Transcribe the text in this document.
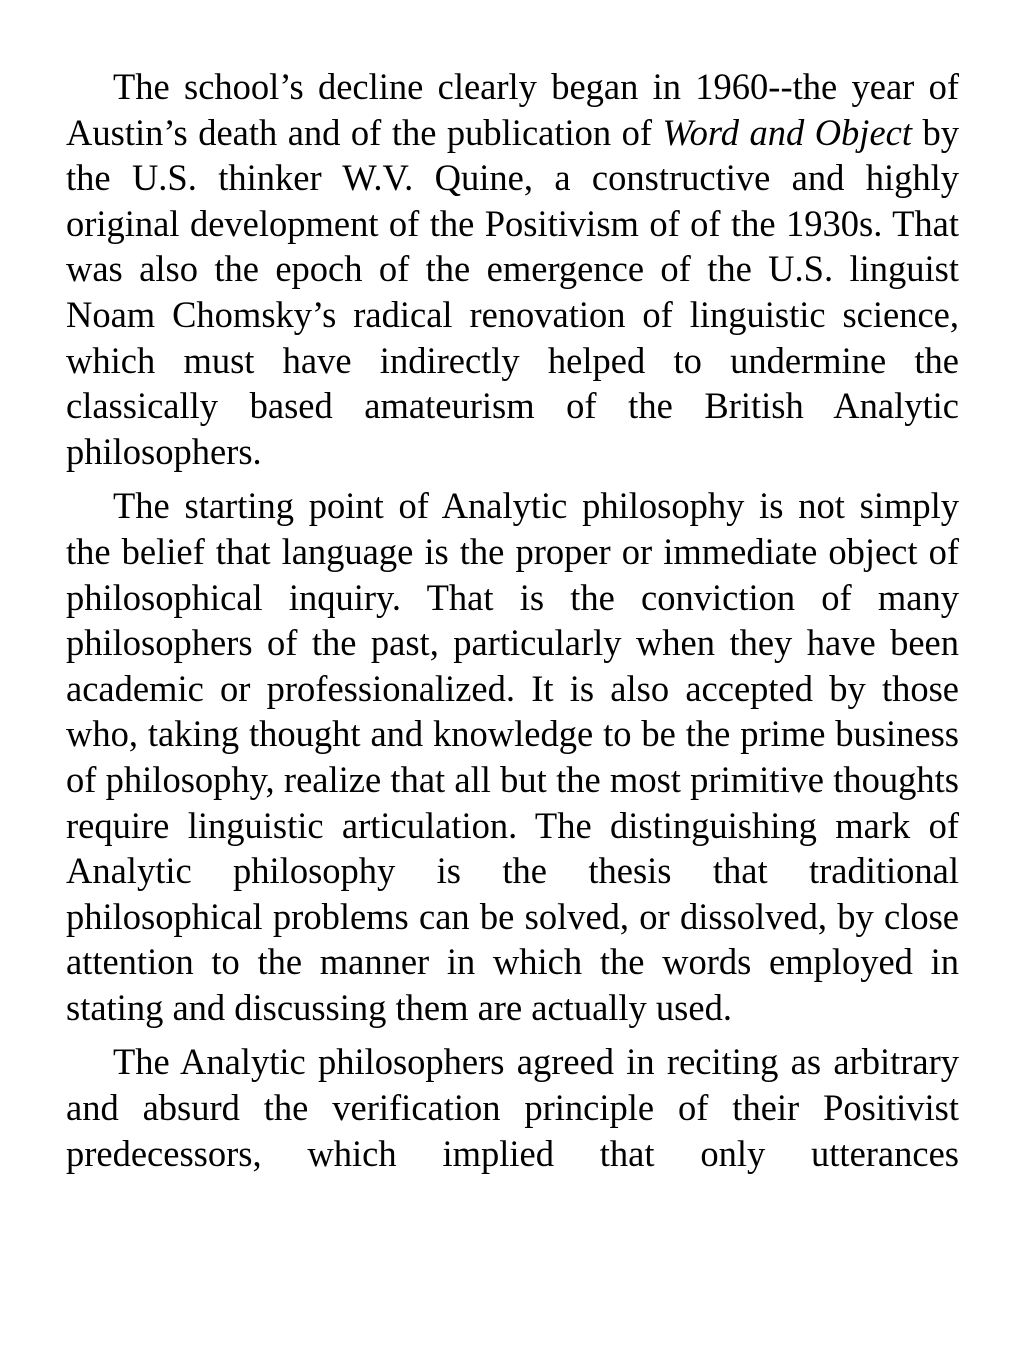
The school’s decline clearly began in 1960--the year of Austin’s death and of the publication of Word and Object by the U.S. thinker W.V. Quine, a constructive and highly original development of the Positivism of of the 1930s. That was also the epoch of the emergence of the U.S. linguist Noam Chomsky’s radical renovation of linguistic science, which must have indirectly helped to undermine the classically based amateurism of the British Analytic philosophers.

The starting point of Analytic philosophy is not simply the belief that language is the proper or immediate object of philosophical inquiry. That is the conviction of many philosophers of the past, particularly when they have been academic or professionalized. It is also accepted by those who, taking thought and knowledge to be the prime business of philosophy, realize that all but the most primitive thoughts require linguistic articulation. The distinguishing mark of Analytic philosophy is the thesis that traditional philosophical problems can be solved, or dissolved, by close attention to the manner in which the words employed in stating and discussing them are actually used.

The Analytic philosophers agreed in reciting as arbitrary and absurd the verification principle of their Positivist predecessors, which implied that only utterances
